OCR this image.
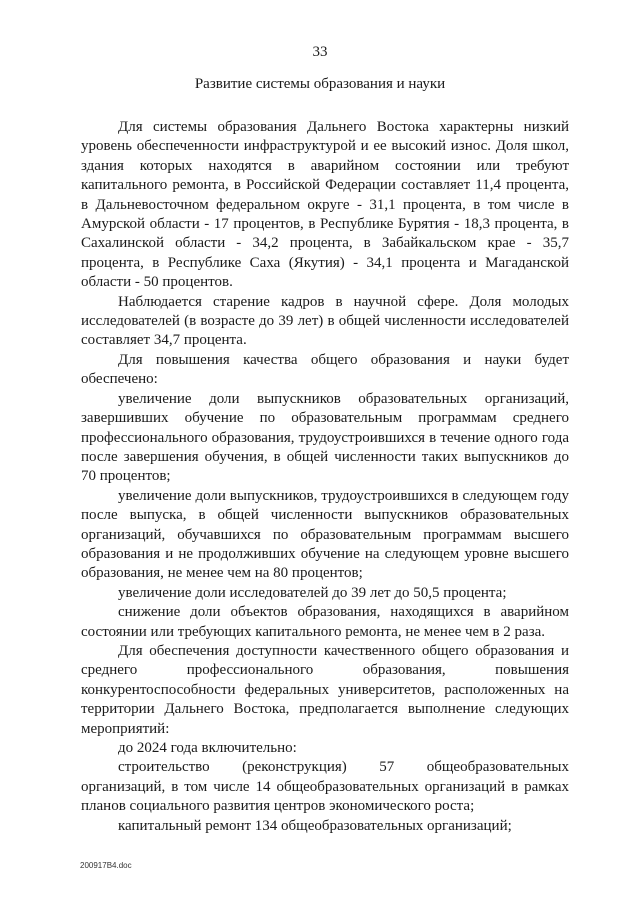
33
Развитие системы образования и науки

Для системы образования Дальнего Востока характерны низкий уровень обеспеченности инфраструктурой и ее высокий износ. Доля школ, здания которых находятся в аварийном состоянии или требуют капитального ремонта, в Российской Федерации составляет 11,4 процента, в Дальневосточном федеральном округе - 31,1 процента, в том числе в Амурской области - 17 процентов, в Республике Бурятия - 18,3 процента, в Сахалинской области - 34,2 процента, в Забайкальском крае - 35,7 процента, в Республике Саха (Якутия) - 34,1 процента и Магаданской области - 50 процентов.

Наблюдается старение кадров в научной сфере. Доля молодых исследователей (в возрасте до 39 лет) в общей численности исследователей составляет 34,7 процента.

Для повышения качества общего образования и науки будет обеспечено:

увеличение доли выпускников образовательных организаций, завершивших обучение по образовательным программам среднего профессионального образования, трудоустроившихся в течение одного года после завершения обучения, в общей численности таких выпускников до 70 процентов;

увеличение доли выпускников, трудоустроившихся в следующем году после выпуска, в общей численности выпускников образовательных организаций, обучавшихся по образовательным программам высшего образования и не продолживших обучение на следующем уровне высшего образования, не менее чем на 80 процентов;

увеличение доли исследователей до 39 лет до 50,5 процента;

снижение доли объектов образования, находящихся в аварийном состоянии или требующих капитального ремонта, не менее чем в 2 раза.

Для обеспечения доступности качественного общего образования и среднего профессионального образования, повышения конкурентоспособности федеральных университетов, расположенных на территории Дальнего Востока, предполагается выполнение следующих мероприятий:

до 2024 года включительно:

строительство (реконструкция) 57 общеобразовательных организаций, в том числе 14 общеобразовательных организаций в рамках планов социального развития центров экономического роста;

капитальный ремонт 134 общеобразовательных организаций;

200917B4.doc
